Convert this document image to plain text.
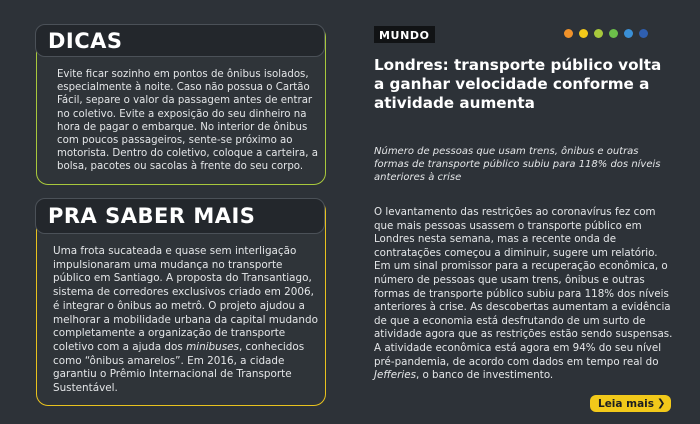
DICAS

Evite ficar sozinho em pontos de ônibus isolados, especialmente à noite. Caso não possua o Cartão Fácil, separe o valor da passagem antes de entrar no coletivo. Evite a exposição do seu dinheiro na hora de pagar o embarque. No interior de ônibus com poucos passageiros, sente-se próximo ao motorista. Dentro do coletivo, coloque a carteira, a bolsa, pacotes ou sacolas à frente do seu corpo.

PRA SABER MAIS

Uma frota sucateada e quase sem interligação impulsionaram uma mudança no transporte público em Santiago. A proposta do Transantiago, sistema de corredores exclusivos criado em 2006, é integrar o ônibus ao metrô. O projeto ajudou a melhorar a mobilidade urbana da capital mudando completamente a organização de transporte coletivo com a ajuda dos minibuses, conhecidos como “ônibus amarelos”. Em 2016, a cidade garantiu o Prêmio Internacional de Transporte Sustentável.

MUNDO
Londres: transporte público volta a ganhar velocidade conforme a atividade aumenta

Número de pessoas que usam trens, ônibus e outras formas de transporte público subiu para 118% dos níveis anteriores à crise

O levantamento das restrições ao coronavírus fez com que mais pessoas usassem o transporte público em Londres nesta semana, mas a recente onda de contratações começou a diminuir, sugere um relatório. Em um sinal promissor para a recuperação econômica, o número de pessoas que usam trens, ônibus e outras formas de transporte público subiu para 118% dos níveis anteriores à crise. As descobertas aumentam a evidência de que a economia está desfrutando de um surto de atividade agora que as restrições estão sendo suspensas. A atividade econômica está agora em 94% do seu nível pré-pandemia, de acordo com dados em tempo real do Jefferies, o banco de investimento.

Leia mais ❯
